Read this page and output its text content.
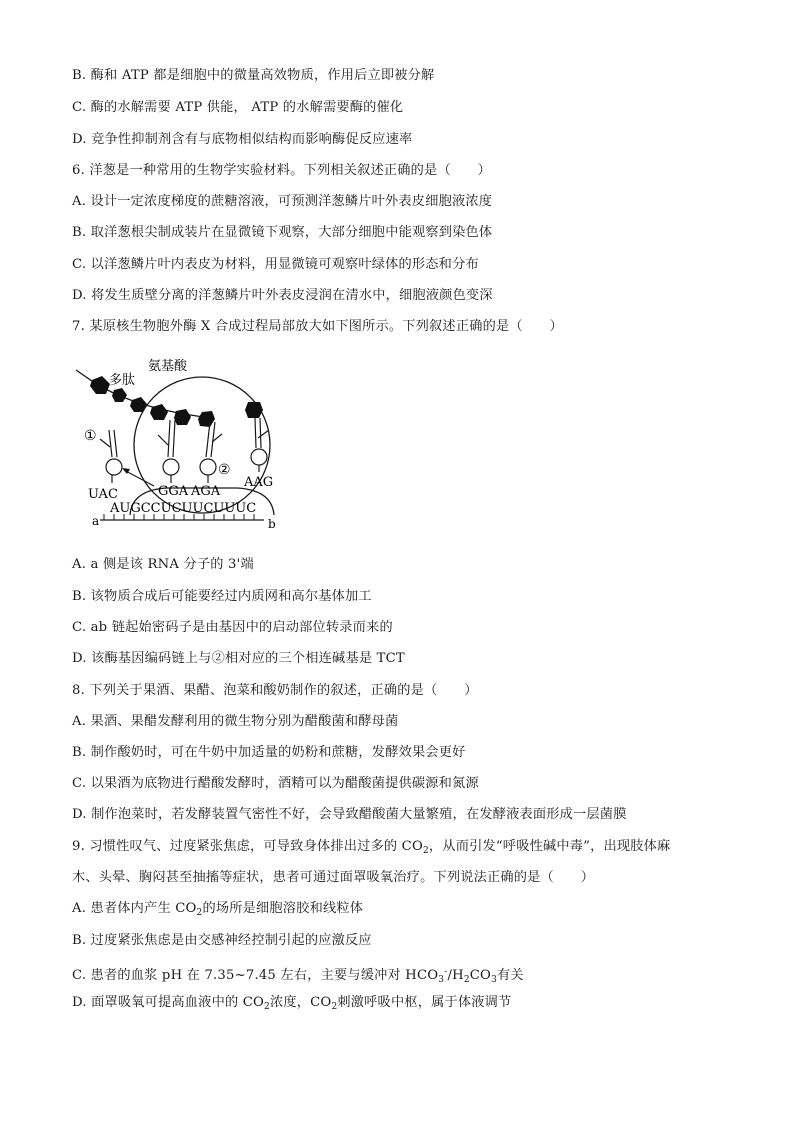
B. 酶和 ATP 都是细胞中的微量高效物质，作用后立即被分解
C. 酶的水解需要 ATP 供能， ATP 的水解需要酶的催化
D. 竞争性抑制剂含有与底物相似结构而影响酶促反应速率
6. 洋葱是一种常用的生物学实验材料。下列相关叙述正确的是（　　）
A. 设计一定浓度梯度的蔗糖溶液，可预测洋葱鳞片叶外表皮细胞液浓度
B. 取洋葱根尖制成装片在显微镜下观察，大部分细胞中能观察到染色体
C. 以洋葱鳞片叶内表皮为材料，用显微镜可观察叶绿体的形态和分布
D. 将发生质壁分离的洋葱鳞片叶外表皮浸润在清水中，细胞液颜色变深
7. 某原核生物胞外酶 X 合成过程局部放大如下图所示。下列叙述正确的是（　　）
多肽
氨基酸
①
UAC	GGA
②
AGA
AAG
AUGCCUCUUCUUUC
a	b
A. a 侧是该 RNA 分子的 3'端
B. 该物质合成后可能要经过内质网和高尔基体加工
C. ab 链起始密码子是由基因中的启动部位转录而来的
D. 该酶基因编码链上与②相对应的三个相连碱基是 TCT
8. 下列关于果酒、果醋、泡菜和酸奶制作的叙述，正确的是（　　）
A. 果酒、果醋发酵利用的微生物分别为醋酸菌和酵母菌
B. 制作酸奶时，可在牛奶中加适量的奶粉和蔗糖，发酵效果会更好
C. 以果酒为底物进行醋酸发酵时，酒精可以为醋酸菌提供碳源和氮源
D. 制作泡菜时，若发酵装置气密性不好，会导致醋酸菌大量繁殖，在发酵液表面形成一层菌膜
9. 习惯性叹气、过度紧张焦虑，可导致身体排出过多的 $CO_2$，从而引发“呼吸性碱中毒”，出现肢体麻
木、头晕、胸闷甚至抽搐等症状，患者可通过面罩吸氧治疗。下列说法正确的是（　　）
A. 患者体内产生 $CO_2$的场所是细胞溶胶和线粒体
B. 过度紧张焦虑是由交感神经控制引起的应激反应
C. 患者的血浆 pH 在 7.35~7.45 左右，主要与缓冲对 $HCO_3^-/H_2CO_3$有关
D. 面罩吸氧可提高血液中的 $CO_2$浓度，$CO_2$刺激呼吸中枢，属于体液调节
